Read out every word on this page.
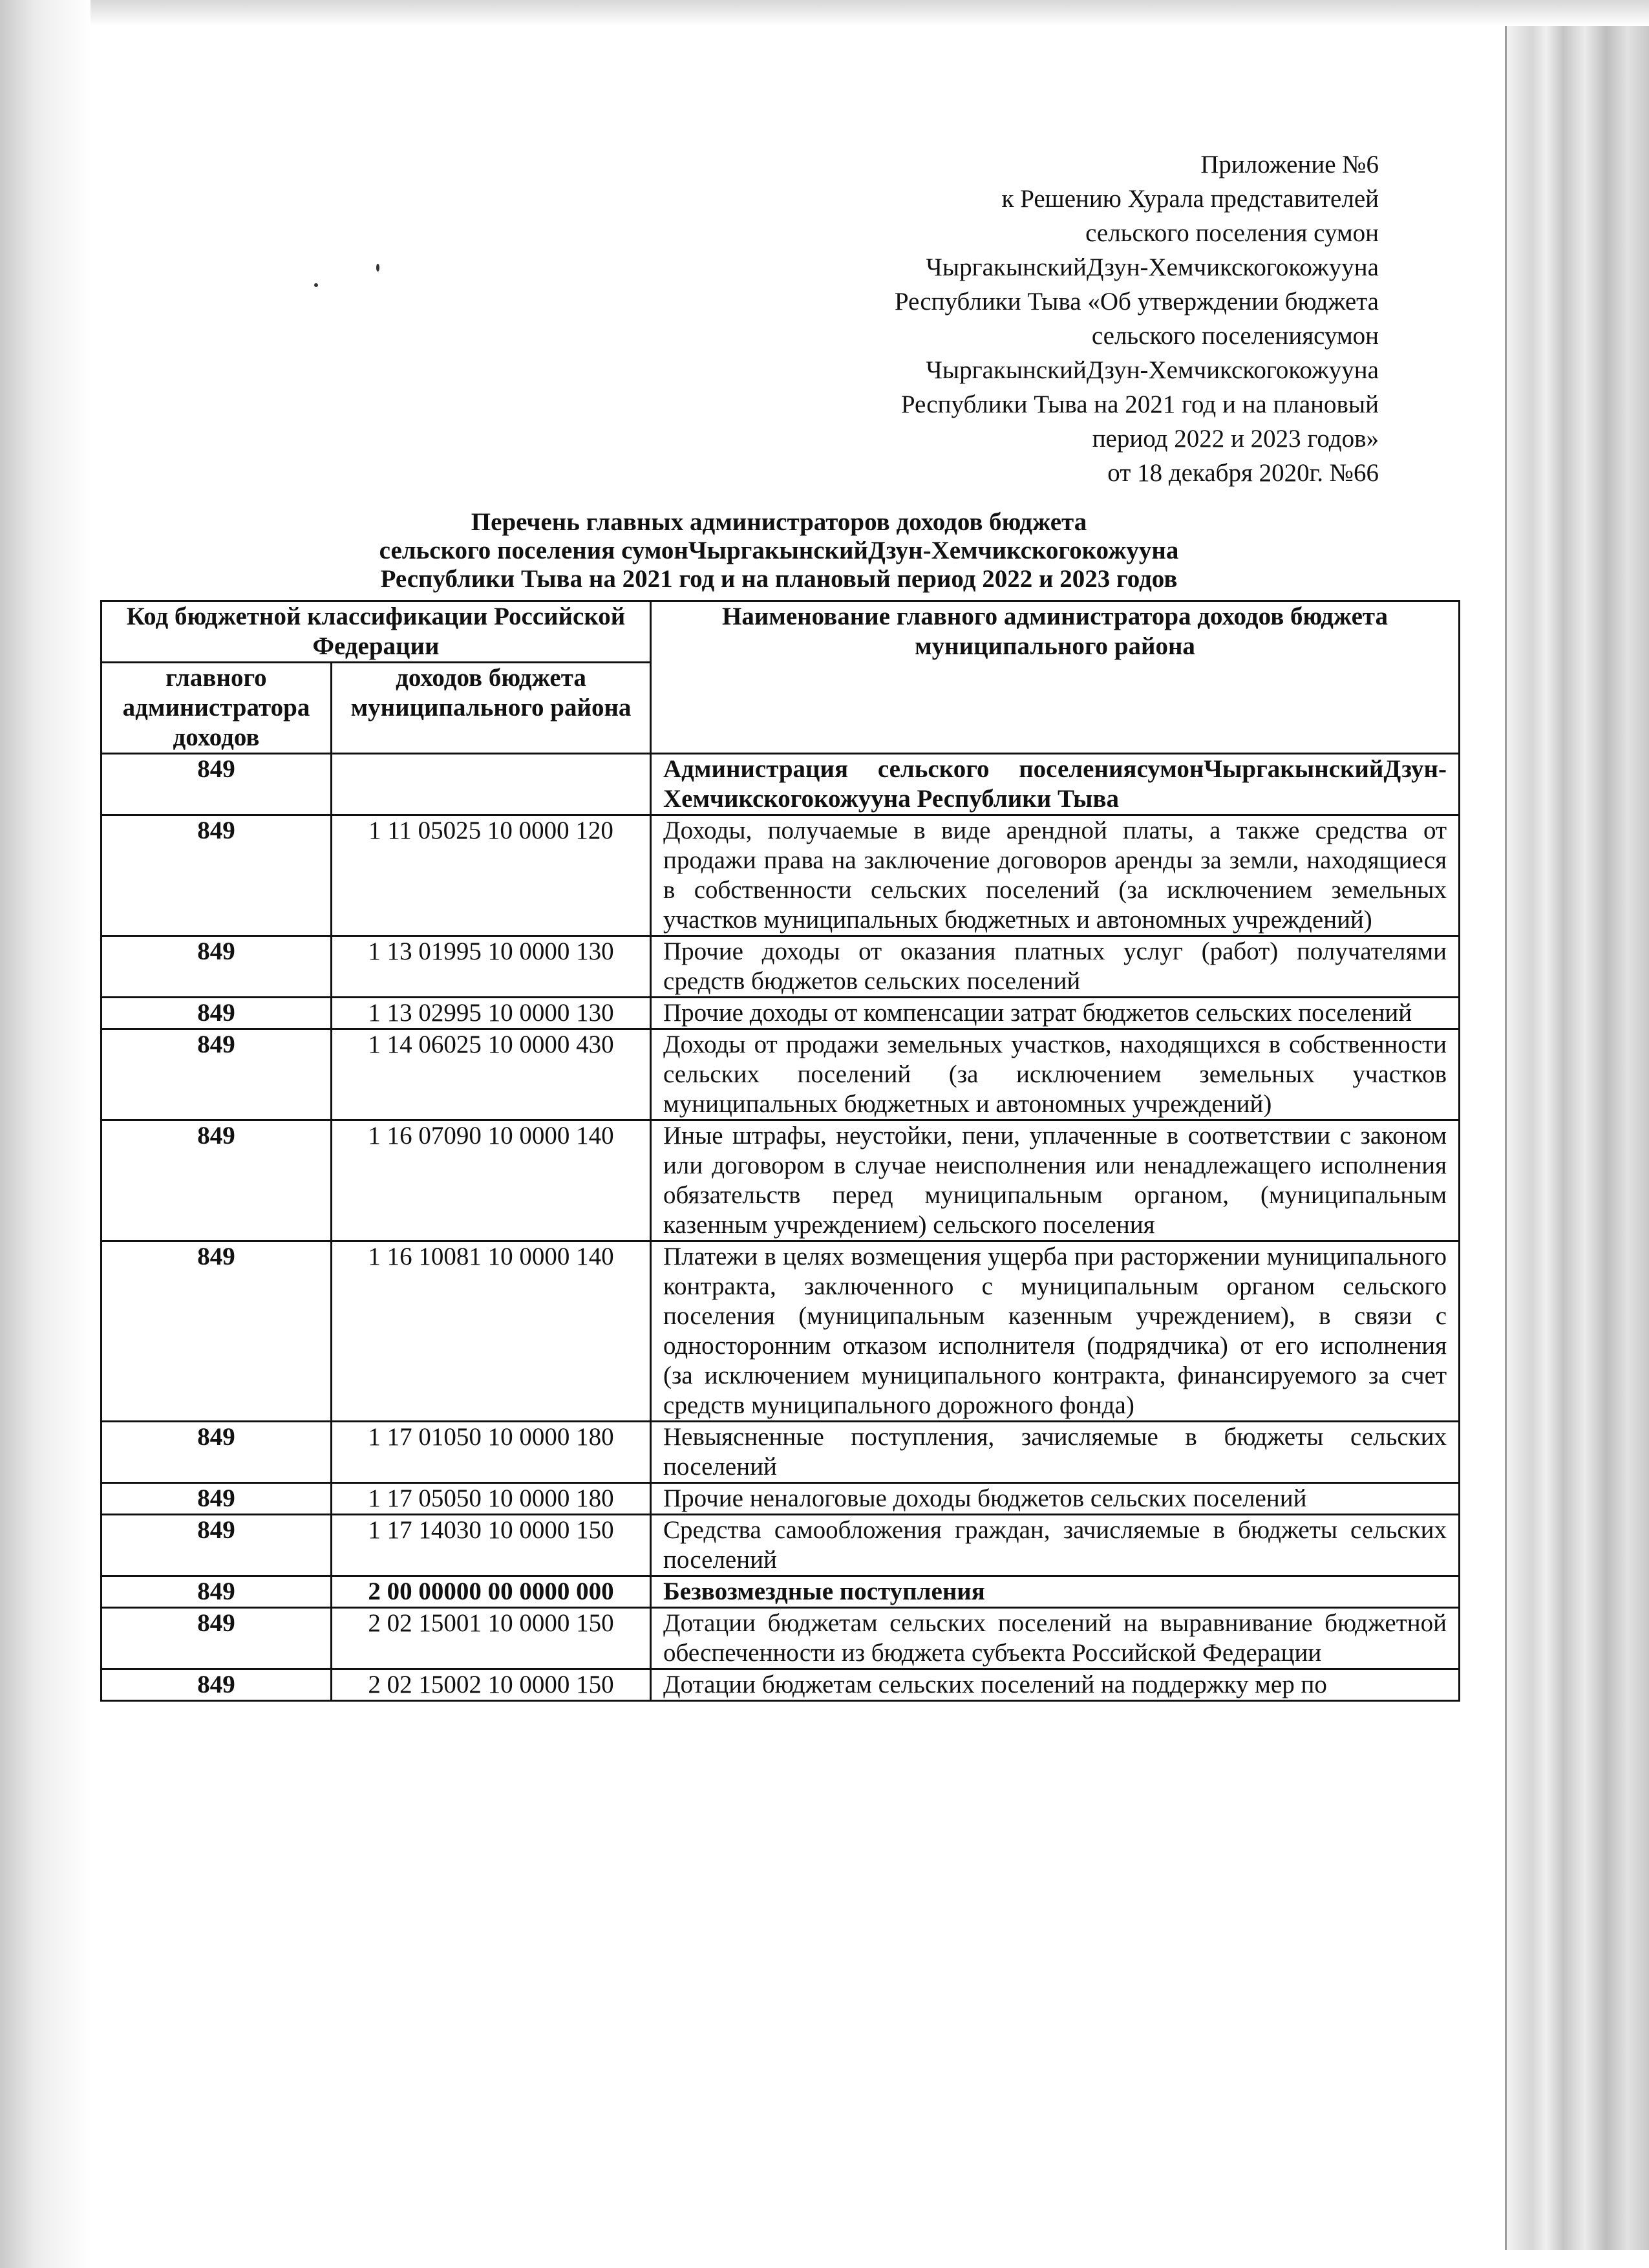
Приложение №6
к Решению Хурала представителей
сельского поселения сумон
ЧыргакынскийДзун-Хемчикскогокожууна
Республики Тыва «Об утверждении бюджета
сельского поселениясумон
ЧыргакынскийДзун-Хемчикскогокожууна
Республики Тыва на 2021 год и на плановый
период 2022 и 2023 годов»
от 18 декабря 2020г. №66
Перечень главных администраторов доходов бюджета
сельского поселения сумонЧыргакынскийДзун-Хемчикскогокожууна
Республики Тыва на 2021 год и на плановый период 2022 и 2023 годов
Код бюджетной классификации Российской Федерации		Наименование главного администратора доходов бюджета муниципального района
главного администратора доходов	доходов бюджета муниципального района	
849		Администрация сельского поселениясумонЧыргакынскийДзун-Хемчикскогокожууна Республики Тыва
849	1 11 05025 10 0000 120	Доходы, получаемые в виде арендной платы, а также средства от продажи права на заключение договоров аренды за земли, находящиеся в собственности сельских поселений (за исключением земельных участков муниципальных бюджетных и автономных учреждений)
849	1 13 01995 10 0000 130	Прочие доходы от оказания платных услуг (работ) получателями средств бюджетов сельских поселений
849	1 13 02995 10 0000 130	Прочие доходы от компенсации затрат бюджетов сельских поселений
849	1 14 06025 10 0000 430	Доходы от продажи земельных участков, находящихся в собственности сельских поселений (за исключением земельных участков муниципальных бюджетных и автономных учреждений)
849	1 16 07090 10 0000 140	Иные штрафы, неустойки, пени, уплаченные в соответствии с законом или договором в случае неисполнения или ненадлежащего исполнения обязательств перед муниципальным органом, (муниципальным казенным учреждением) сельского поселения
849	1 16 10081 10 0000 140	Платежи в целях возмещения ущерба при расторжении муниципального контракта, заключенного с муниципальным органом сельского поселения (муниципальным казенным учреждением), в связи с односторонним отказом исполнителя (подрядчика) от его исполнения (за исключением муниципального контракта, финансируемого за счет средств муниципального дорожного фонда)
849	1 17 01050 10 0000 180	Невыясненные поступления, зачисляемые в бюджеты сельских поселений
849	1 17 05050 10 0000 180	Прочие неналоговые доходы бюджетов сельских поселений
849	1 17 14030 10 0000 150	Средства самообложения граждан, зачисляемые в бюджеты сельских поселений
849	2 00 00000 00 0000 000	Безвозмездные поступления
849	2 02 15001 10 0000 150	Дотации бюджетам сельских поселений на выравнивание бюджетной обеспеченности из бюджета субъекта Российской Федерации
849	2 02 15002 10 0000 150	Дотации бюджетам сельских поселений на поддержку мер по
